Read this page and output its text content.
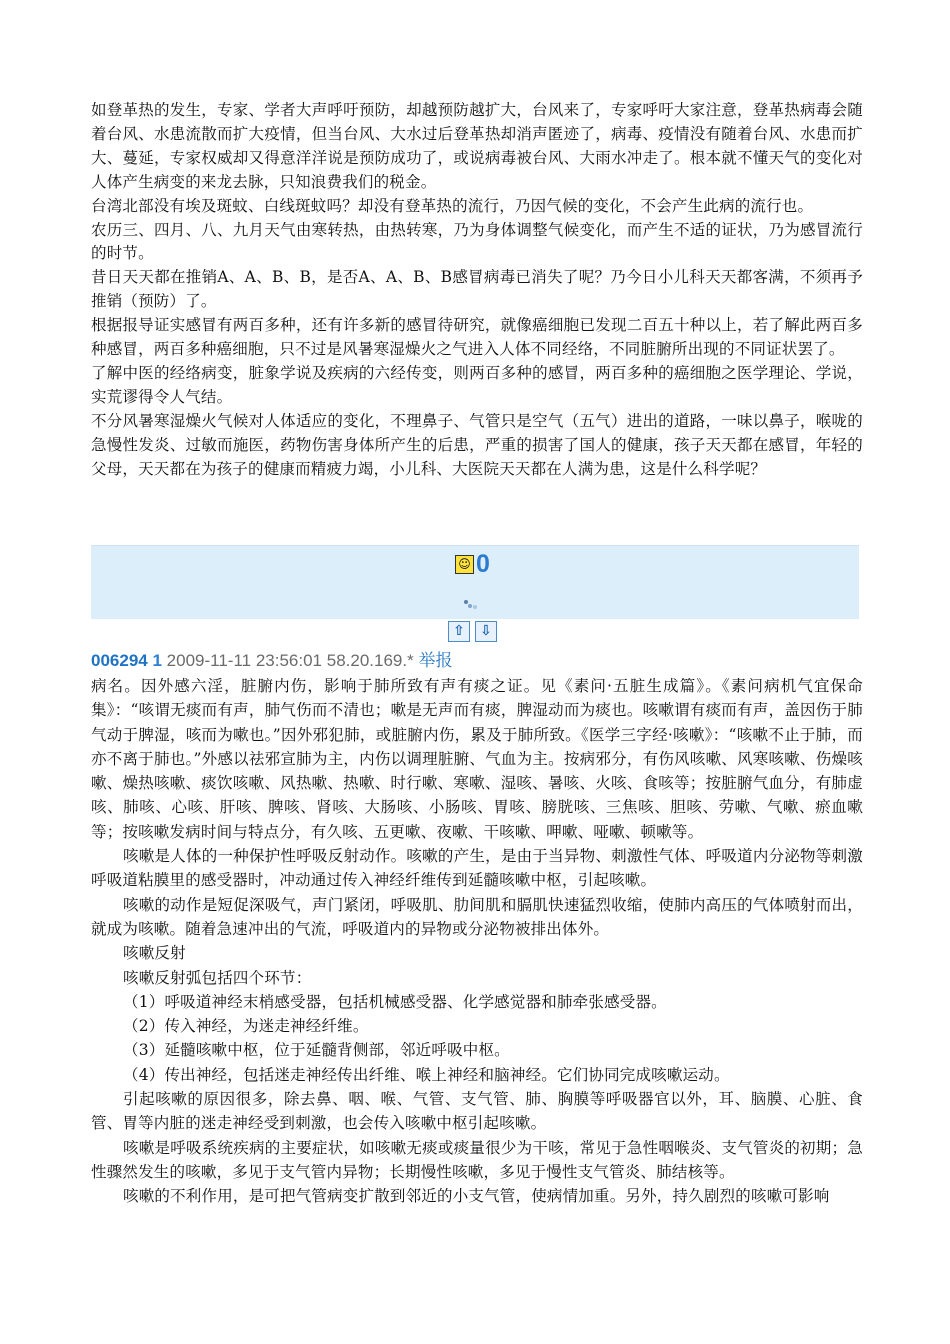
如登革热的发生，专家、学者大声呼吁预防，却越预防越扩大，台风来了，专家呼吁大家注意，登革热病毒会随着台风、水患流散而扩大疫情，但当台风、大水过后登革热却消声匿迹了，病毒、疫情没有随着台风、水患而扩大、蔓延，专家权威却又得意洋洋说是预防成功了，或说病毒被台风、大雨水冲走了。根本就不懂天气的变化对人体产生病变的来龙去脉，只知浪费我们的税金。

台湾北部没有埃及斑蚊、白线斑蚊吗？却没有登革热的流行，乃因气候的变化，不会产生此病的流行也。

农历三、四月、八、九月天气由寒转热，由热转寒，乃为身体调整气候变化，而产生不适的证状，乃为感冒流行的时节。

昔日天天都在推销A、A、B、B，是否A、A、B、B感冒病毒已消失了呢？乃今日小儿科天天都客满，不须再予推销（预防）了。

根据报导证实感冒有两百多种，还有许多新的感冒待研究，就像癌细胞已发现二百五十种以上，若了解此两百多种感冒，两百多种癌细胞，只不过是风暑寒湿燥火之气进入人体不同经络，不同脏腑所出现的不同证状罢了。

了解中医的经络病变，脏象学说及疾病的六经传变，则两百多种的感冒，两百多种的癌细胞之医学理论、学说，实荒谬得令人气结。

不分风暑寒湿燥火气候对人体适应的变化，不理鼻子、气管只是空气（五气）进出的道路，一味以鼻子，喉咙的急慢性发炎、过敏而施医，药物伤害身体所产生的后患，严重的损害了国人的健康，孩子天天都在感冒，年轻的父母，天天都在为孩子的健康而精疲力竭，小儿科、大医院天天都在人满为患，这是什么科学呢？

☺ 0
⇧	⇩
006294 1 2009-11-11 23:56:01 58.20.169.* 举报

病名。因外感六淫，脏腑内伤，影响于肺所致有声有痰之证。见《素问·五脏生成篇》。《素问病机气宜保命集》：“咳谓无痰而有声，肺气伤而不清也；嗽是无声而有痰，脾湿动而为痰也。咳嗽谓有痰而有声，盖因伤于肺气动于脾湿，咳而为嗽也。”因外邪犯肺，或脏腑内伤，累及于肺所致。《医学三字经·咳嗽》：“咳嗽不止于肺，而亦不离于肺也。”外感以祛邪宣肺为主，内伤以调理脏腑、气血为主。按病邪分，有伤风咳嗽、风寒咳嗽、伤燥咳嗽、燥热咳嗽、痰饮咳嗽、风热嗽、热嗽、时行嗽、寒嗽、湿咳、暑咳、火咳、食咳等；按脏腑气血分，有肺虚咳、肺咳、心咳、肝咳、脾咳、肾咳、大肠咳、小肠咳、胃咳、膀胱咳、三焦咳、胆咳、劳嗽、气嗽、瘀血嗽等；按咳嗽发病时间与特点分，有久咳、五更嗽、夜嗽、干咳嗽、呷嗽、哑嗽、顿嗽等。

咳嗽是人体的一种保护性呼吸反射动作。咳嗽的产生，是由于当异物、刺激性气体、呼吸道内分泌物等刺激呼吸道粘膜里的感受器时，冲动通过传入神经纤维传到延髓咳嗽中枢，引起咳嗽。

咳嗽的动作是短促深吸气，声门紧闭，呼吸肌、肋间肌和膈肌快速猛烈收缩，使肺内高压的气体喷射而出，就成为咳嗽。随着急速冲出的气流，呼吸道内的异物或分泌物被排出体外。

咳嗽反射

咳嗽反射弧包括四个环节：

（1）呼吸道神经末梢感受器，包括机械感受器、化学感觉器和肺牵张感受器。

（2）传入神经，为迷走神经纤维。

（3）延髓咳嗽中枢，位于延髓背侧部，邻近呼吸中枢。

（4）传出神经，包括迷走神经传出纤维、喉上神经和脑神经。它们协同完成咳嗽运动。

引起咳嗽的原因很多，除去鼻、咽、喉、气管、支气管、肺、胸膜等呼吸器官以外，耳、脑膜、心脏、食管、胃等内脏的迷走神经受到刺激，也会传入咳嗽中枢引起咳嗽。

咳嗽是呼吸系统疾病的主要症状，如咳嗽无痰或痰量很少为干咳，常见于急性咽喉炎、支气管炎的初期；急性骤然发生的咳嗽，多见于支气管内异物；长期慢性咳嗽，多见于慢性支气管炎、肺结核等。

咳嗽的不利作用，是可把气管病变扩散到邻近的小支气管，使病情加重。另外，持久剧烈的咳嗽可影响
